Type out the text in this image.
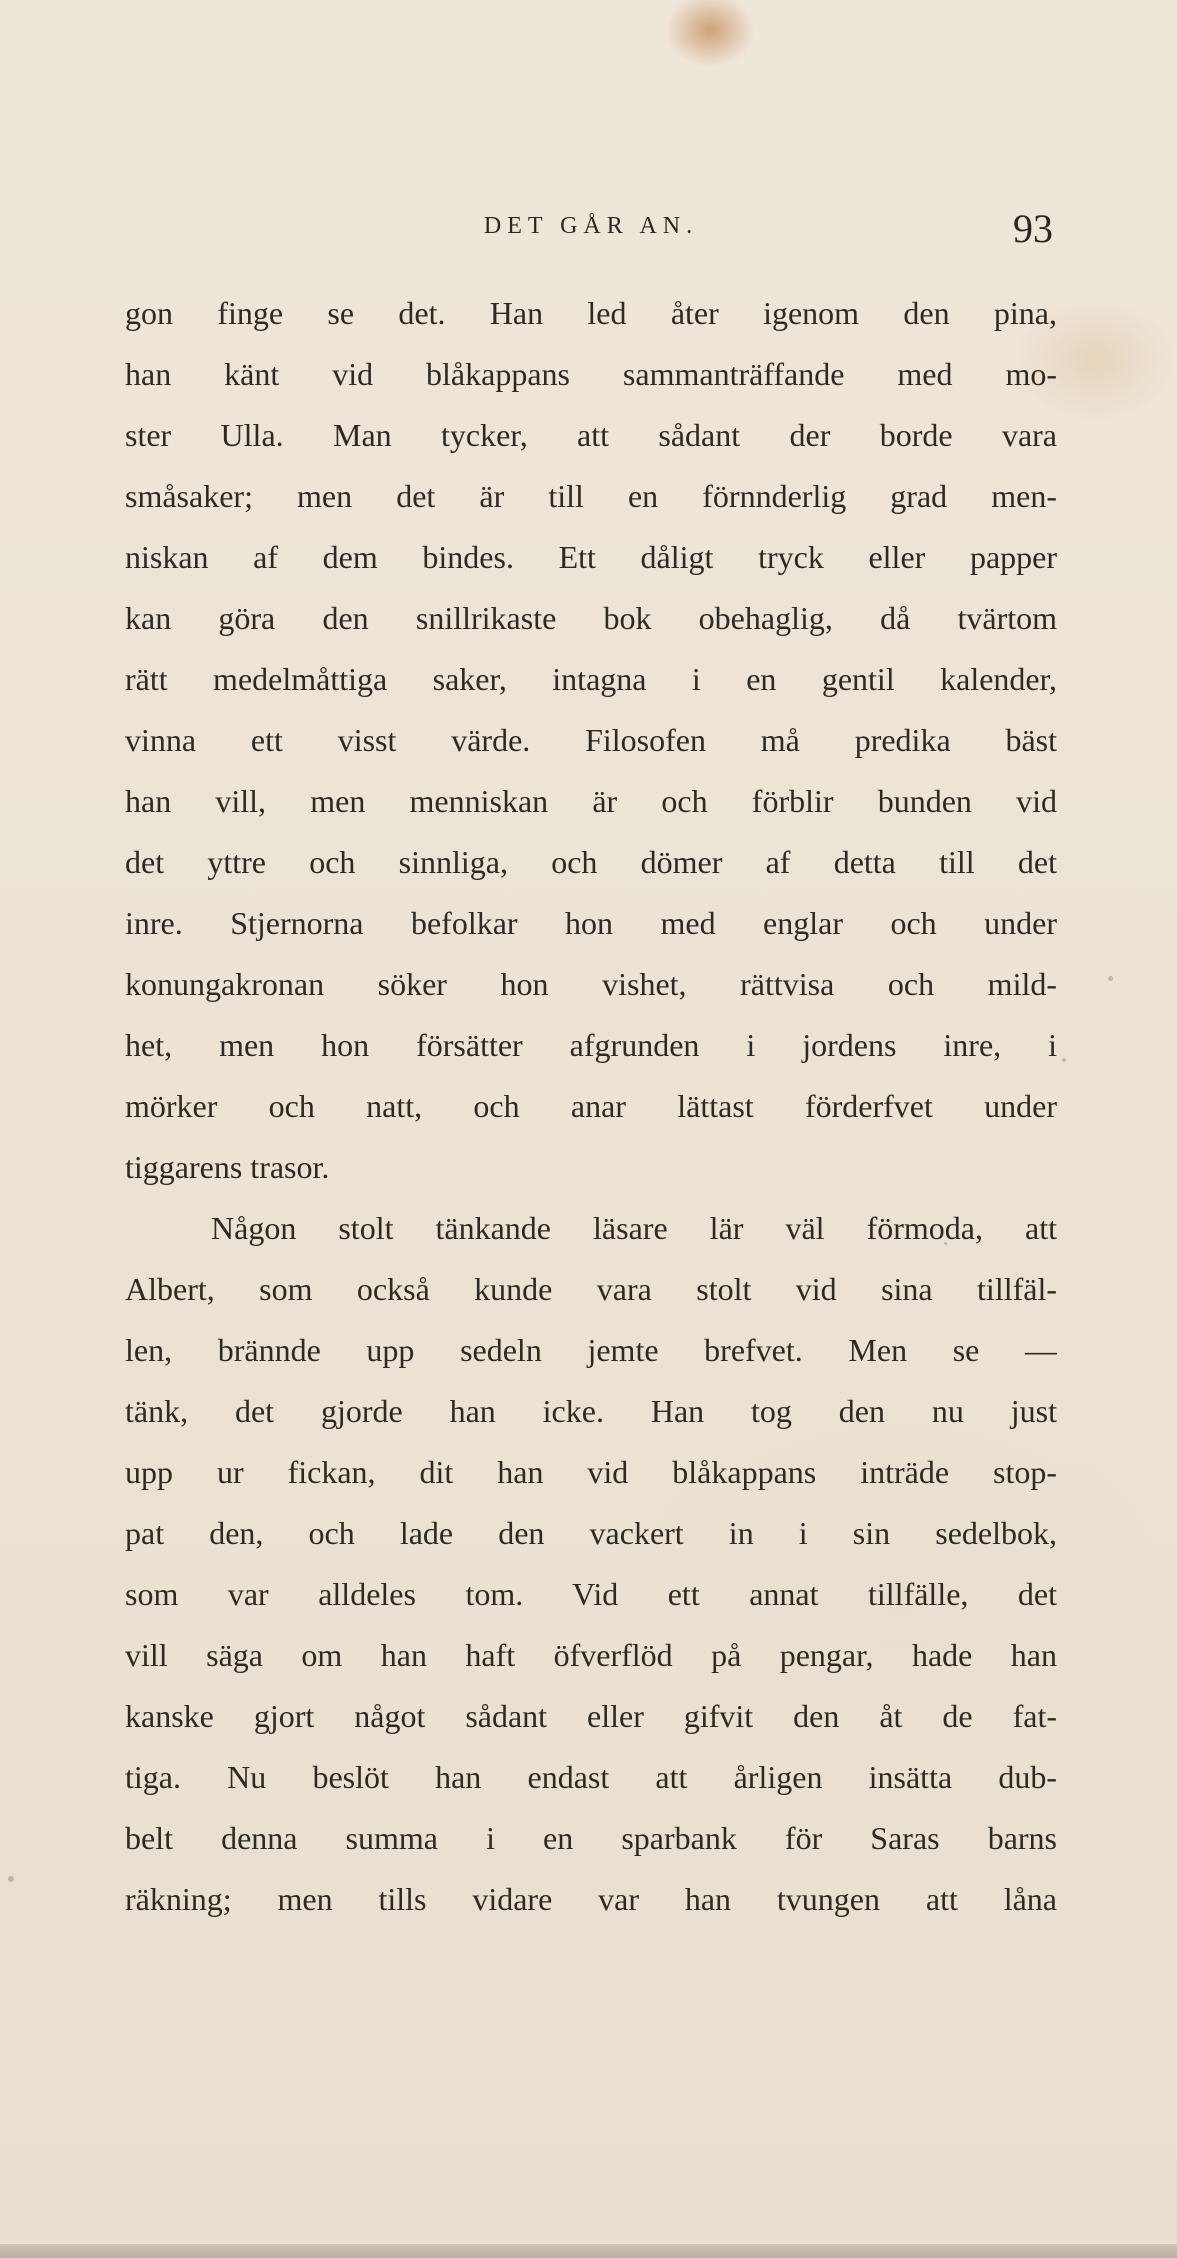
DET GÅR AN.	93
gon finge se det. Han led åter igenom den pina,
han känt vid blåkappans sammanträffande med mo-
ster Ulla. Man tycker, att sådant der borde vara
småsaker; men det är till en förnnderlig grad men-
niskan af dem bindes. Ett dåligt tryck eller papper
kan göra den snillrikaste bok obehaglig, då tvärtom
rätt medelmåttiga saker, intagna i en gentil kalender,
vinna ett visst värde. Filosofen må predika bäst
han vill, men menniskan är och förblir bunden vid
det yttre och sinnliga, och dömer af detta till det
inre. Stjernorna befolkar hon med englar och under
konungakronan söker hon vishet, rättvisa och mild-
het, men hon försätter afgrunden i jordens inre, i
mörker och natt, och anar lättast förderfvet under
tiggarens trasor.
Någon stolt tänkande läsare lär väl förmoda, att
Albert, som också kunde vara stolt vid sina tillfäl-
len, brännde upp sedeln jemte brefvet. Men se —
tänk, det gjorde han icke. Han tog den nu just
upp ur fickan, dit han vid blåkappans inträde stop-
pat den, och lade den vackert in i sin sedelbok,
som var alldeles tom. Vid ett annat tillfälle, det
vill säga om han haft öfverflöd på pengar, hade han
kanske gjort något sådant eller gifvit den åt de fat-
tiga. Nu beslöt han endast att årligen insätta dub-
belt denna summa i en sparbank för Saras barns
räkning; men tills vidare var han tvungen att låna
